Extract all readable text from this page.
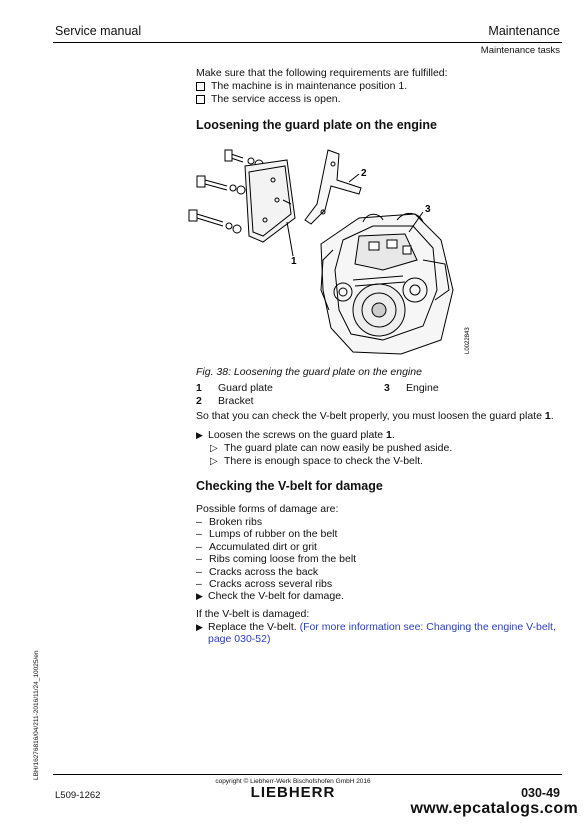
Service manual	Maintenance
Maintenance tasks
Make sure that the following requirements are fulfilled:
The machine is in maintenance position 1.
The service access is open.
Loosening the guard plate on the engine
2
3
1
L0022843
Fig. 38: Loosening the guard plate on the engine
1 Guard plate
2 Bracket
3 Engine
So that you can check the V-belt properly, you must loosen the guard plate 1.
▶ Loosen the screws on the guard plate 1.
▷ The guard plate can now easily be pushed aside.
▷ There is enough space to check the V-belt.
Checking the V-belt for damage
Possible forms of damage are:
– Broken ribs
– Lumps of rubber on the belt
– Accumulated dirt or grit
– Ribs coming loose from the belt
– Cracks across the back
– Cracks across several ribs
▶ Check the V-belt for damage.
If the V-belt is damaged:
▶ Replace the V-belt. (For more information see: Changing the engine V-belt,
page 030-52)
LBH/16276816/04/211-2016/11/24_10025/en
copyright © Liebherr-Werk Bischofshofen GmbH 2016
L509-1262	LIEBHERR	030-49
www.epcatalogs.com
